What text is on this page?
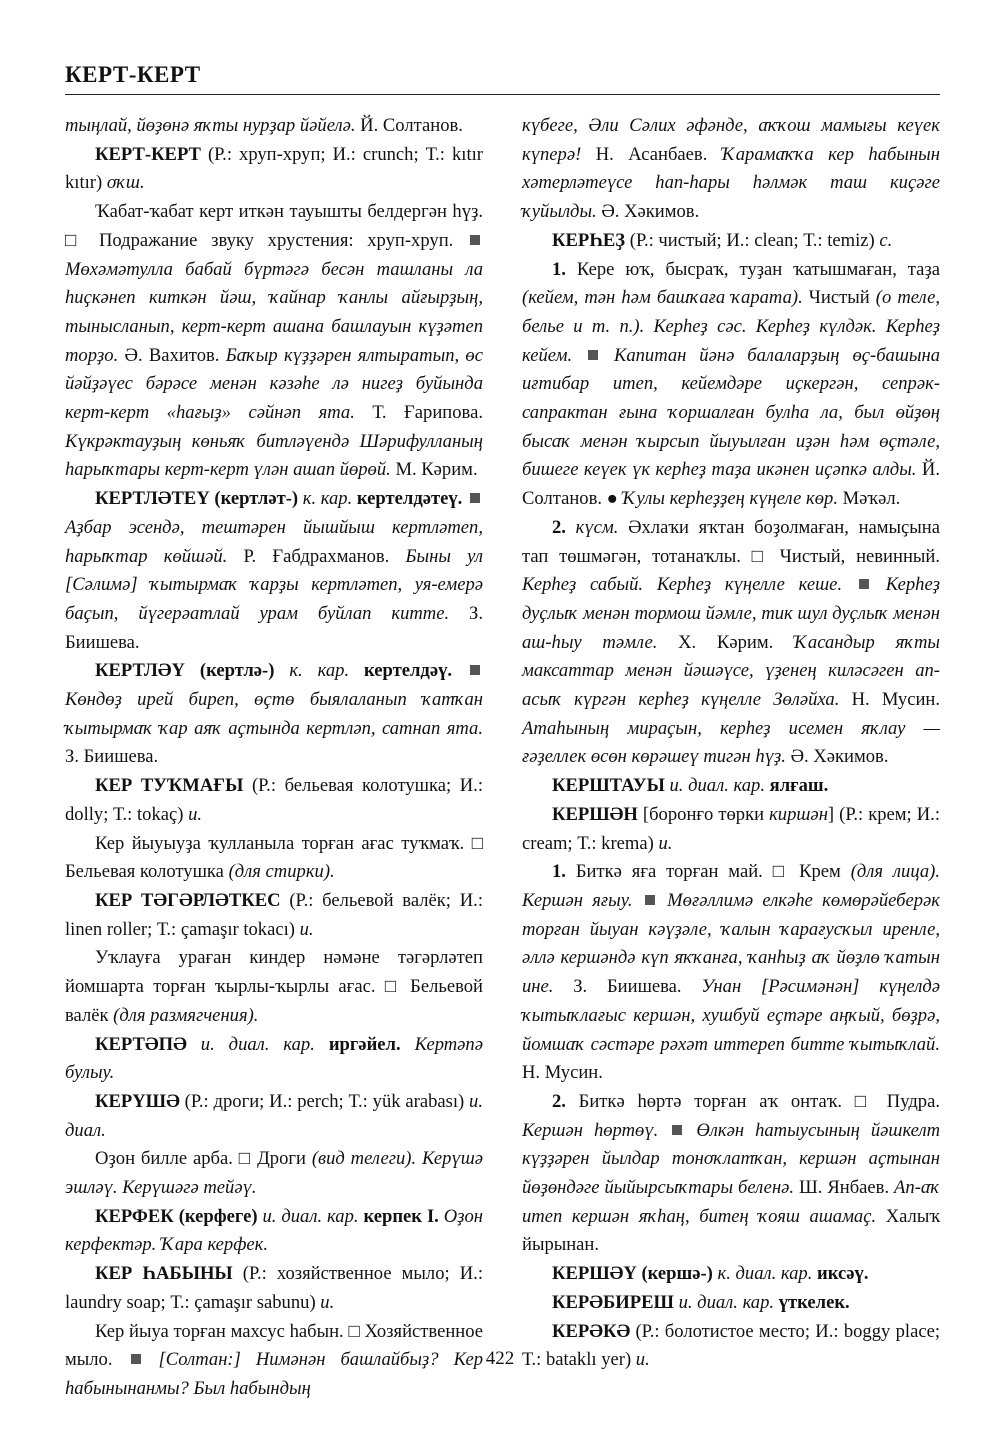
КЕРТ-КЕРТ

тыңлай, йөҙөнә яҡты нурҙар йәйелә. Й. Солтанов.

КЕРТ-КЕРТ (Р.: хруп-хруп; И.: crunch; Т.: kıtır kıtır) оҡш.

Ҡабат-ҡабат керт иткән тауышты белдергән һүҙ. □ Подражание звуку хрустения: хруп-хруп.  Мөхәмәтулла бабай бүртәгә бесән ташланы ла һиҫкәнеп киткән йәш, ҡайнар ҡанлы айғырҙың, тынысланып, керт-керт ашана башлауын күҙәтеп торҙо. Ә. Вахитов. Баҡыр күҙҙәрен ялтыратып, өс йәйҙәүес бәрәсе менән кәзәһе лә нигеҙ буйында керт-керт «һағыҙ» сәйнәп ята. Т. Ғарипова. Күкрәктауҙың көньяҡ битләүендә Шәрифулланың һарыҡтары керт-керт үлән ашап йөрөй. М. Кәрим.

КЕРТЛӘТЕҮ (кертләт-) к. кар. кертелдәтеү.  Аҙбар эсендә, тештәрен йышйыш кертләтеп, һарыҡтар көйшәй. Р. Ғабдрахманов. Быны ул [Сәлимә] ҡытырмаҡ ҡарҙы кертләтеп, уя-емерә баҫып, йүгерәатлай урам буйлап китте. З. Биишева.

КЕРТЛӘҮ (кертлә-) к. кар. кертелдәү.  Көндөҙ ирей биреп, өҫтө быялаланып ҡатҡан ҡытырмаҡ ҡар аяҡ аҫтында кертләп, сатнап ята. З. Биишева.

КЕР ТУҠМАҒЫ (Р.: бельевая колотушка; И.: dolly; Т.: tokaç) и.

Кер йыуыуҙа ҡулланыла торған ағас туҡмаҡ. □ Бельевая колотушка (для стирки).

КЕР ТӘГӘРЛӘТКЕС (Р.: бельевой валёк; И.: linen roller; Т.: çamaşır tokacı) и.

Уҡлауға ураған киндер нәмәне тәгәрләтеп йомшарта торған ҡырлы-ҡырлы ағас. □ Бельевой валёк (для размягчения).

КЕРТӘПӘ и. диал. кар. иргәйел. Кертәпә булыу.

КЕРҮШӘ (Р.: дроги; И.: perch; Т.: yük arabası) и. диал.

Оҙон билле арба. □ Дроги (вид телеги). Керүшә эшләү. Керүшәгә тейәү.

КЕРФЕК (керфеге) и. диал. кар. керпек I. Оҙон керфектәр. Ҡара керфек.

КЕР ҺАБЫНЫ (Р.: хозяйственное мыло; И.: laundry soap; Т.: çamaşır sabunu) и.

Кер йыуа торған махсус һабын. □ Хозяйственное мыло.  [Солтан:] Нимәнән башлайбыҙ? Кер һабынынанмы? Был һабындың

күбеге, Әли Сәлих әфәнде, аҡҡош мамығы кеүек күперә! Н. Асанбаев. Ҡарамаҡҡа кер һабынын хәтерләтеүсе һап-һары һәлмәк таш киҫәге ҡуйылды. Ә. Хәкимов.

КЕРҺЕҘ (Р.: чистый; И.: clean; Т.: temiz) с.

1. Кере юҡ, бысраҡ, туҙан ҡатышмаған, таҙа (кейем, тән һәм башҡаға ҡарата). Чистый (о теле, белье и т. п.). Керһеҙ сәс. Керһеҙ күлдәк. Керһеҙ кейем. Капитан йәнә балаларҙың өҫ-башына иғтибар итеп, кейемдәре иҫкергән, сепрәк-сапрактан ғына ҡоршалған булһа ла, был өйҙөң бысаҡ менән ҡырсып йыуылған иҙән һәм өҫтәле, бишеге кеүек үк керһеҙ таҙа икәнен иҫәпкә алды. Й. Солтанов. ● Ҡулы керһеҙҙең күңеле көр. Мәҡәл.

2. күсм. Әхлаҡи яҡтан боҙолмаған, намыҫына тап төшмәгән, тотанаҡлы. □ Чистый, невинный. Керһеҙ сабый. Керһеҙ күңелле кеше. Керһеҙ дуҫлыҡ менән тормош йәмле, тик шул дуҫлыҡ менән аш-һыу тәмле. Х. Кәрим. Ҡасандыр яҡты максаттар менән йәшәүсе, үҙенең киләсәген ап-асыҡ күргән керһеҙ күңелле Зөләйха. Н. Мусин. Атаһының мираҫын, керһеҙ исемен яҡлау — ғәҙеллек өсөн көрәшеү тигән һүҙ. Ә. Хәкимов.

КЕРШТАУЫ и. диал. кар. ялғаш.

КЕРШӘН [боронғо төрки киршән] (Р.: крем; И.: cream; Т.: krema) и.

1. Биткә яға торған май. □ Крем (для лица). Кершән яғыу. Мөғәллимә елкәһе көмөрәйеберәк торған йыуан кәүҙәле, ҡалын ҡарағусҡыл иренле, әллә кершәндә күп яҡҡанға, ҡанһыҙ аҡ йөҙлө ҡатын ине. З. Биишева. Унан [Рәсимәнән] күңелдә ҡытыҡлағыс кершән, хушбуй еҫтәре аңҡый, бөҙрә, йомшаҡ сәстәре рәхәт иттереп битте ҡытыҡлай. Н. Мусин.

2. Биткә һөртә торған аҡ онтаҡ. □ Пудра. Кершән һөртөү. Өлкән һатыусының йәшкелт күҙҙәрен йылдар тоноҡлатҡан, кершән аҫтынан йөҙөндәге йыйырсыҡтары беленә. Ш. Янбаев. Ап-аҡ итеп кершән яҡһаң, битең ҡояш ашамаҫ. Халыҡ йырынан.

КЕРШӘҮ (кершә-) к. диал. кар. иксәү.

КЕРӘБИРЕШ и. диал. кар. үткелек.

КЕРӘКӘ (Р.: болотистое место; И.: boggy place; Т.: bataklı yer) и.

422
